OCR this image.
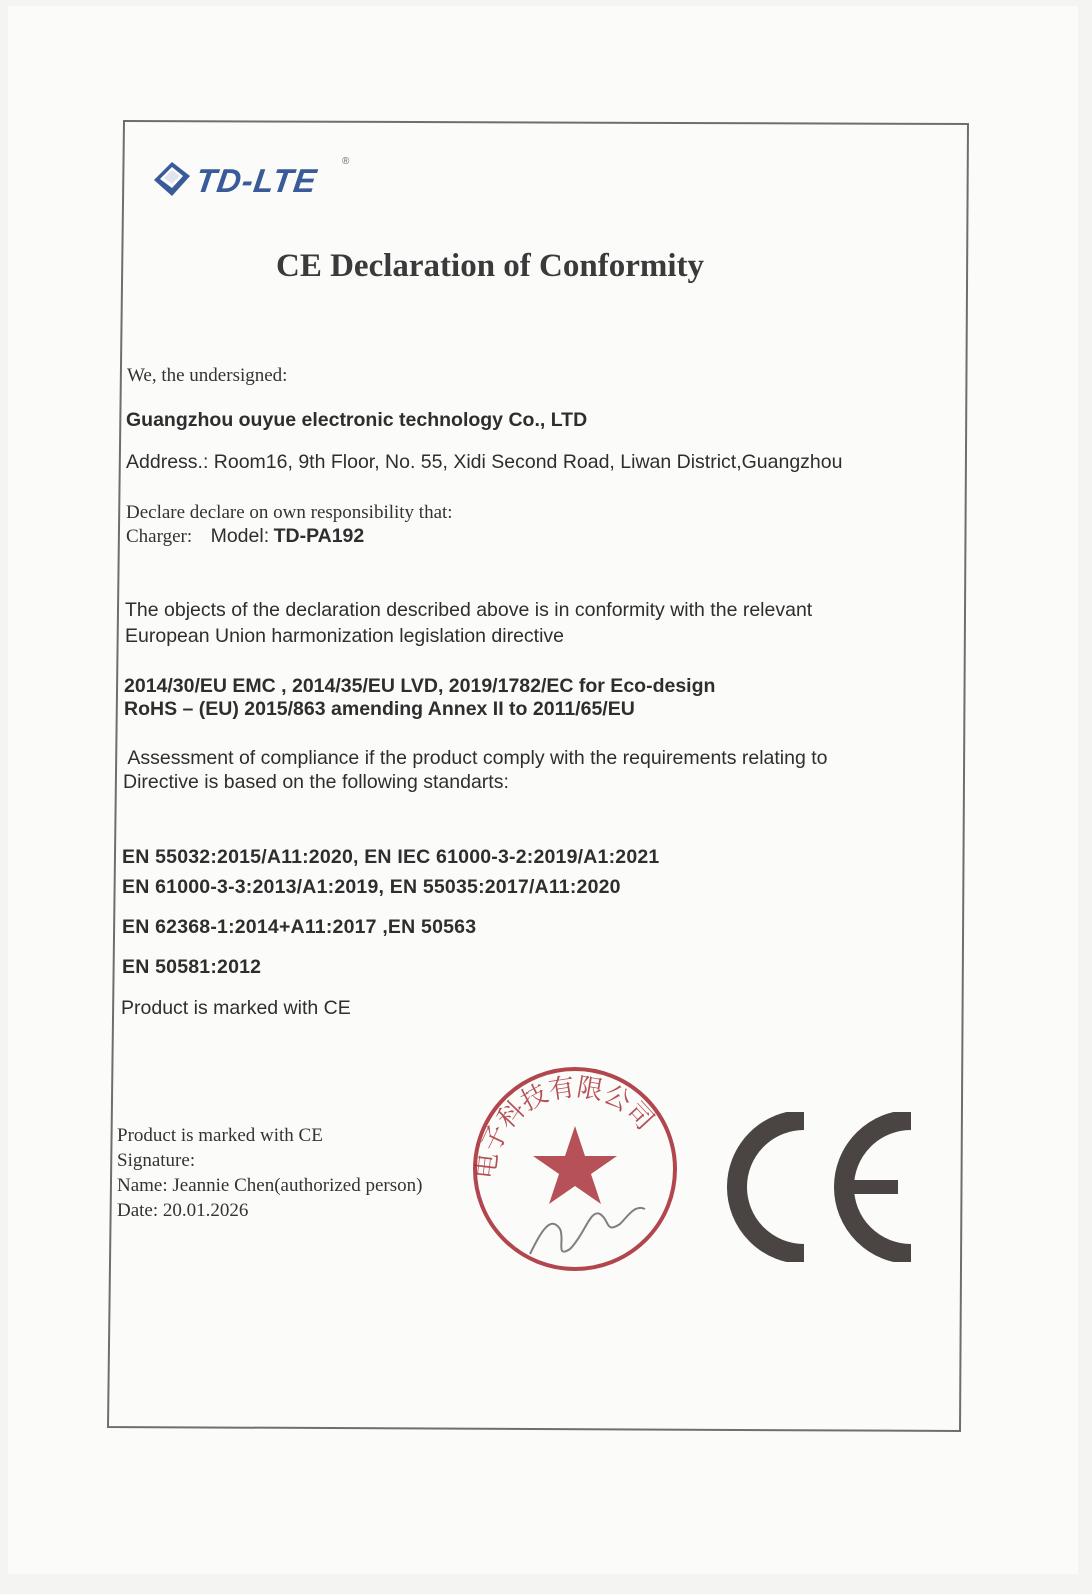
TD-LTE
®
CE Declaration of Conformity
We, the undersigned:
Guangzhou ouyue electronic technology Co., LTD
Address.: Room16, 9th Floor, No. 55, Xidi Second Road, Liwan District,Guangzhou
Declare declare on own responsibility that:
Charger: Model: TD-PA192
The objects of the declaration described above is in conformity with the relevant
European Union harmonization legislation directive
2014/30/EU EMC , 2014/35/EU LVD, 2019/1782/EC for Eco-design
RoHS – (EU) 2015/863 amending Annex II to 2011/65/EU
Assessment of compliance if the product comply with the requirements relating to
Directive is based on the following standarts:
EN 55032:2015/A11:2020, EN IEC 61000-3-2:2019/A1:2021
EN 61000-3-3:2013/A1:2019, EN 55035:2017/A11:2020
EN 62368-1:2014+A11:2017 ,EN 50563
EN 50581:2012
Product is marked with CE
电子科技有限公司
Product is marked with CE
Signature:
Name: Jeannie Chen(authorized person)
Date: 20.01.2026
